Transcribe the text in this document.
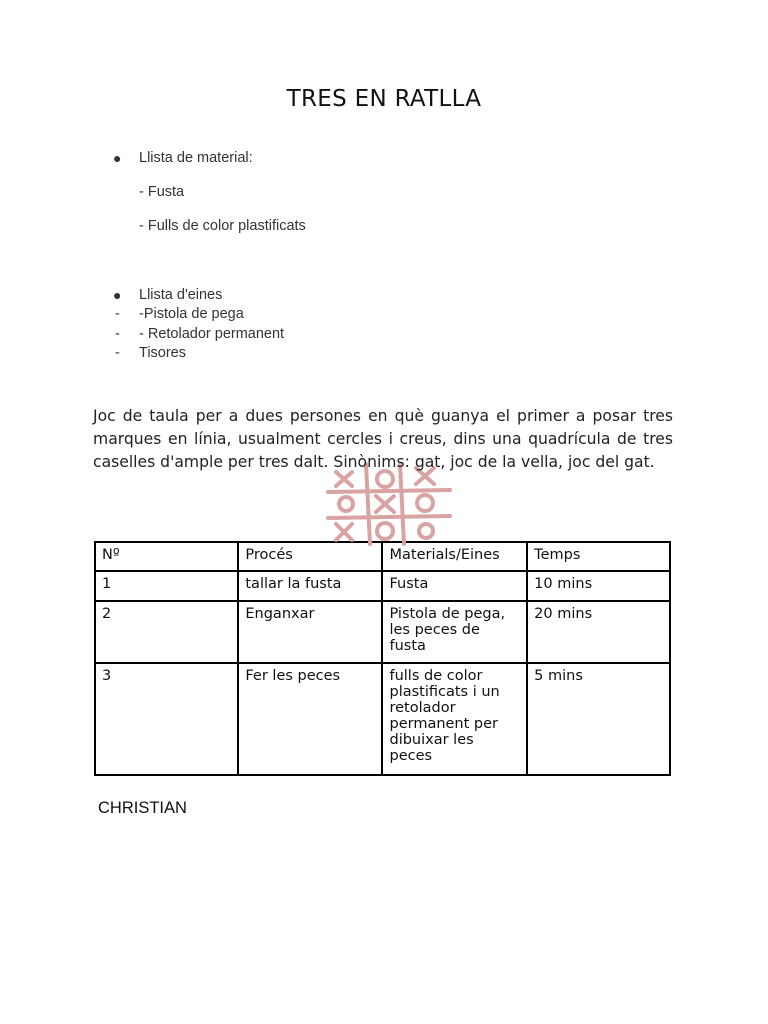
TRES EN RATLLA
●	Llista de material:
- Fusta
- Fulls de color plastificats
●	Llista d'eines
- -Pistola de pega
- - Retolador permanent
- Tisores
Joc de taula per a dues persones en què guanya el primer a posar tres marques en línia, usualment cercles i creus, dins una quadrícula de tres caselles d'ample per tres dalt. Sinònims: gat, joc de la vella, joc del gat.
Nº	Procés	Materials/Eines	Temps
1	tallar la fusta	Fusta	10 mins
2	Enganxar	Pistola de pega, les peces de fusta	20 mins
3	Fer les peces	fulls de color plastificats i un retolador permanent per dibuixar les peces	5 mins
CHRISTIAN
